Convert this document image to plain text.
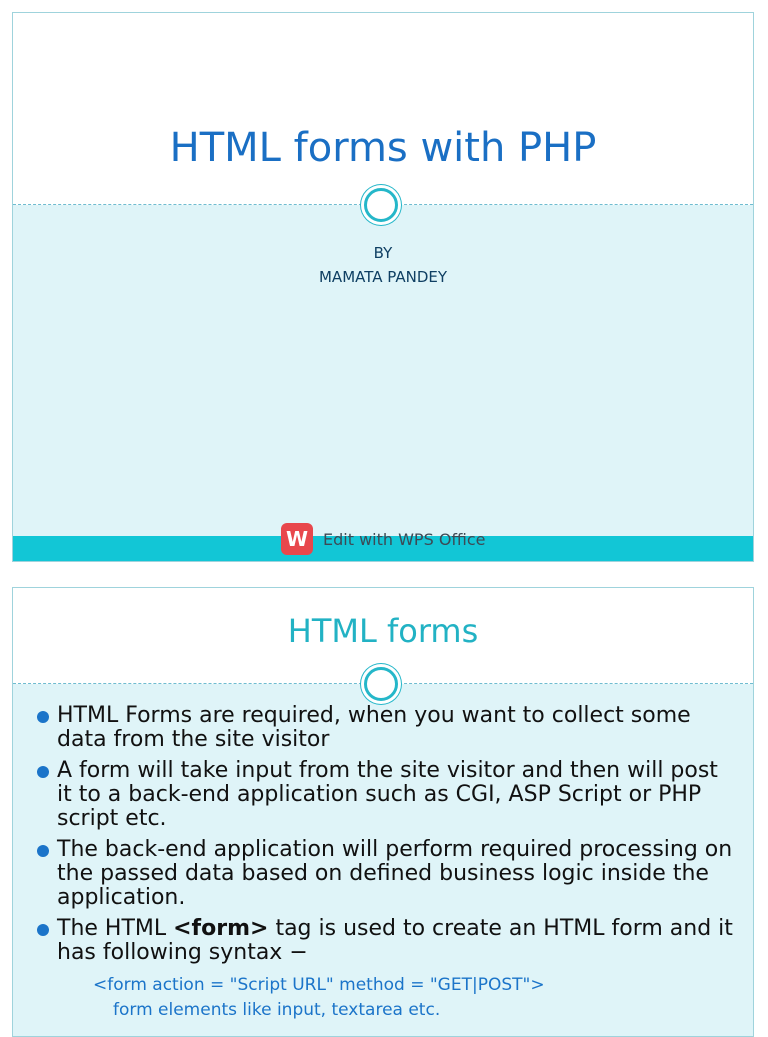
HTML forms with PHP
BY
MAMATA PANDEY
W Edit with WPS Office
HTML forms
HTML Forms are required, when you want to collect some data from the site visitor
A form will take input from the site visitor and then will post it to a back-end application such as CGI, ASP Script or PHP script etc.
The back-end application will perform required processing on the passed data based on defined business logic inside the application.
The HTML <form> tag is used to create an HTML form and it has following syntax −
<form action = "Script URL" method = "GET|POST">
form elements like input, textarea etc.
